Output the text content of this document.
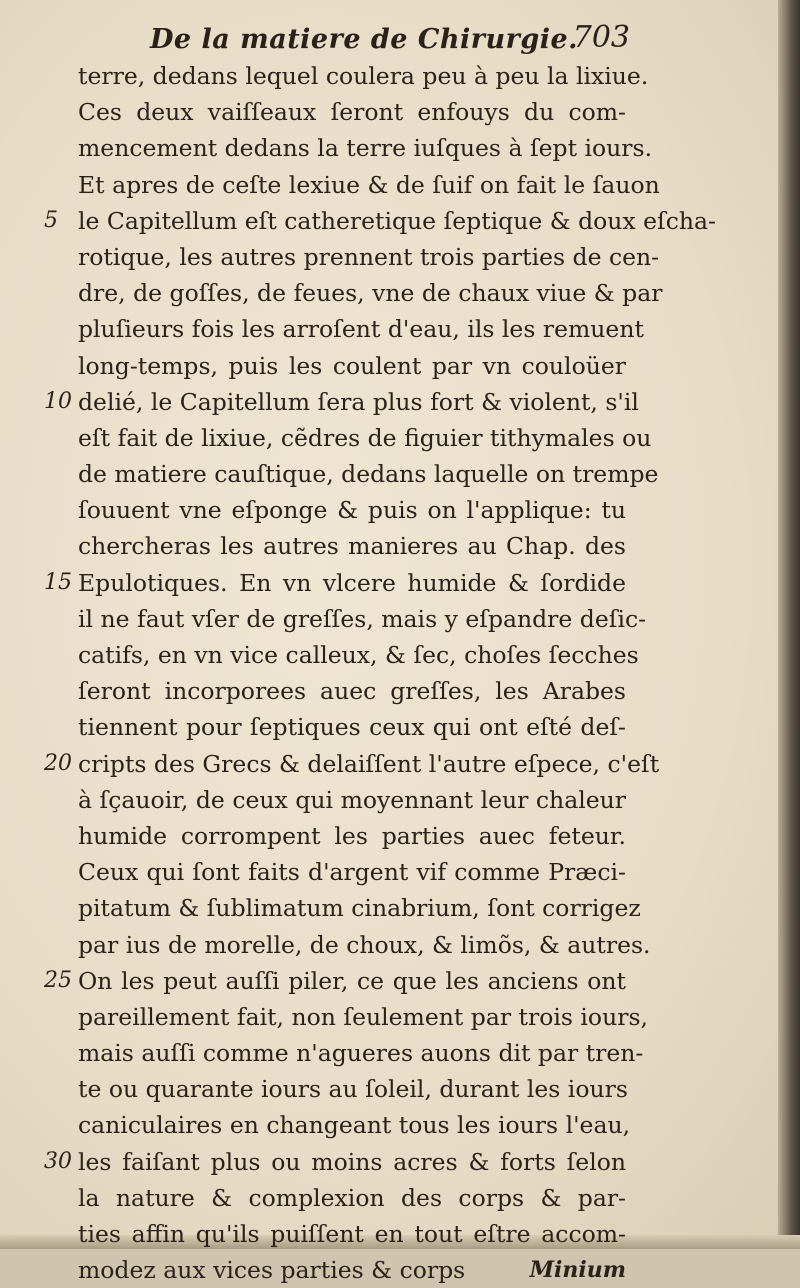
De la matiere de Chirurgie.
703
terre, dedans lequel coulera peu à peu la lixiue.
Ces deux vaiſſeaux ſeront enfouys du com-
mencement dedans la terre iuſques à ſept iours.
Et apres de ceſte lexiue & de ſuif on fait le ſauon
5 le Capitellum eſt catheretique ſeptique & doux eſcha-
rotique, les autres prennent trois parties de cen-
dre, de goſſes, de feues, vne de chaux viue & par
pluſieurs fois les arroſent d'eau, ils les remuent
long-temps, puis les coulent par vn couloüer
10 delié, le Capitellum ſera plus fort & violent, s'il
eſt fait de lixiue, cẽdres de figuier tithymales ou
de matiere cauſtique, dedans laquelle on trempe
ſouuent vne eſponge & puis on l'applique: tu
chercheras les autres manieres au Chap. des
15 Epulotiques. En vn vlcere humide & ſordide
il ne faut vſer de greſſes, mais y eſpandre deſic-
catifs, en vn vice calleux, & ſec, choſes ſecches
ſeront incorporees auec greſſes, les Arabes
tiennent pour ſeptiques ceux qui ont eſté deſ-
20 cripts des Grecs & delaiſſent l'autre eſpece, c'eſt
à ſçauoir, de ceux qui moyennant leur chaleur
humide corrompent les parties auec feteur.
Ceux qui ſont faits d'argent vif comme Præci-
pitatum & ſublimatum cinabrium, ſont corrigez
par ius de morelle, de choux, & limõs, & autres.
25 On les peut auſſi piler, ce que les anciens ont
pareillement fait, non ſeulement par trois iours,
mais auſſi comme n'agueres auons dit par tren-
te ou quarante iours au ſoleil, durant les iours
caniculaires en changeant tous les iours l'eau,
30 les faiſant plus ou moins acres & forts ſelon
la nature & complexion des corps & par-
ties affin qu'ils puiſſent en tout eſtre accom-
modez aux vices parties & corps	Minium
